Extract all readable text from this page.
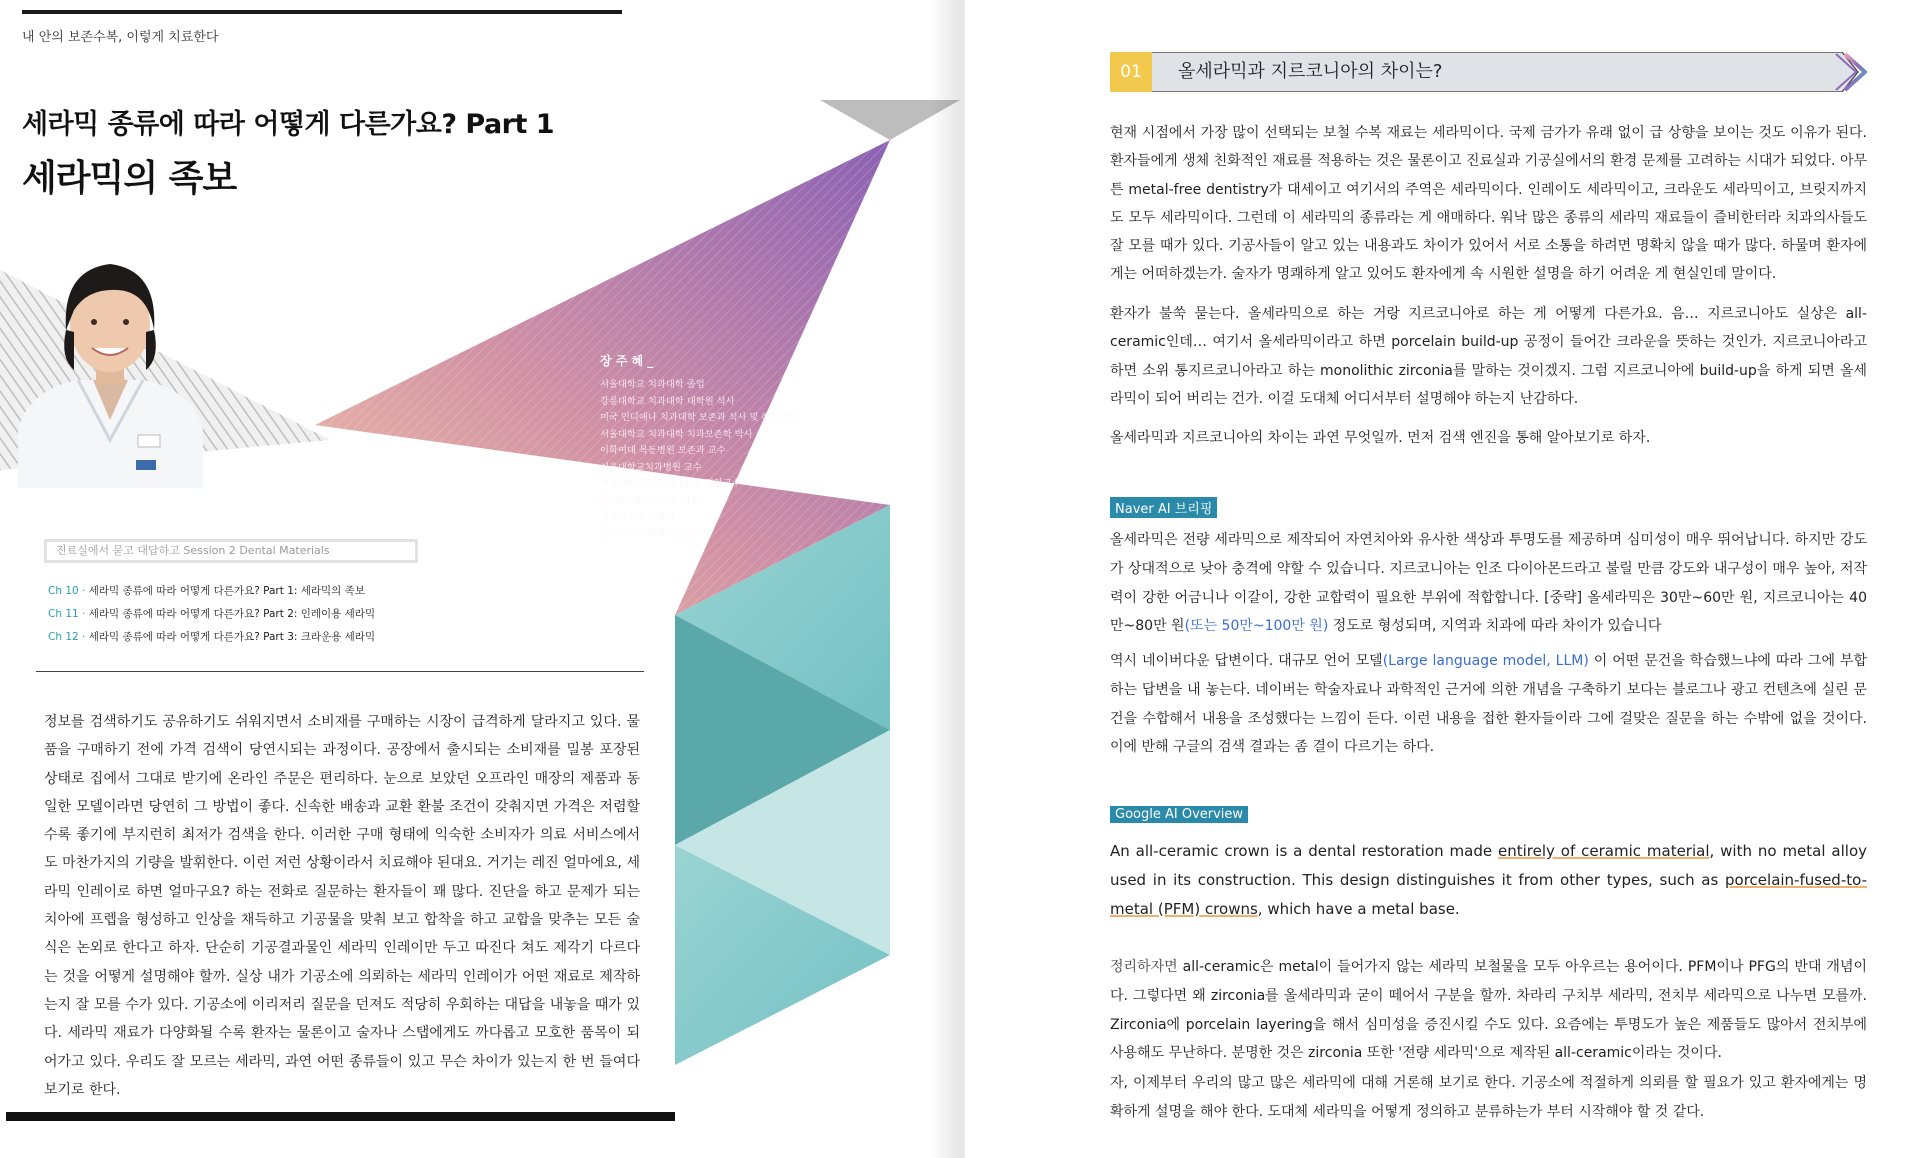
내 안의 보존수복, 이렇게 치료한다
세라믹 종류에 따라 어떻게 다른가요? Part 1
세라믹의 족보
장 주 혜 _
서울대학교 치과대학 졸업
강릉대학교 치과대학 대학원 석사
미국 인디애나 치과대학 보존과 석사 및 레지던트
서울대학교 치과대학 치과보존학 박사
이화여대 목동병원 보존과 교수
서울대학교치과병원 교수
서울대학교 치의학대학원 겸임교수
현) 장주혜치과의원 원장
치과보존과 전문의
미국 보존수복학 전문의
진료실에서 묻고 대답하고 Session 2 Dental Materials
Ch 10 · 세라믹 종류에 따라 어떻게 다른가요? Part 1: 세라믹의 족보
Ch 11 · 세라믹 종류에 따라 어떻게 다른가요? Part 2: 인레이용 세라믹
Ch 12 · 세라믹 종류에 따라 어떻게 다른가요? Part 3: 크라운용 세라믹

정보를 검색하기도 공유하기도 쉬워지면서 소비재를 구매하는 시장이 급격하게 달라지고 있다. 물품을 구매하기 전에 가격 검색이 당연시되는 과정이다. 공장에서 출시되는 소비재를 밀봉 포장된 상태로 집에서 그대로 받기에 온라인 주문은 편리하다. 눈으로 보았던 오프라인 매장의 제품과 동일한 모델이라면 당연히 그 방법이 좋다. 신속한 배송과 교환 환불 조건이 갖춰지면 가격은 저렴할수록 좋기에 부지런히 최저가 검색을 한다. 이러한 구매 형태에 익숙한 소비자가 의료 서비스에서도 마찬가지의 기량을 발휘한다. 이런 저런 상황이라서 치료해야 된대요. 거기는 레진 얼마에요, 세라믹 인레이로 하면 얼마구요? 하는 전화로 질문하는 환자들이 꽤 많다. 진단을 하고 문제가 되는 치아에 프렙을 형성하고 인상을 채득하고 기공물을 맞춰 보고 합착을 하고 교합을 맞추는 모든 술식은 논외로 한다고 하자. 단순히 기공결과물인 세라믹 인레이만 두고 따진다 쳐도 제각기 다르다는 것을 어떻게 설명해야 할까. 실상 내가 기공소에 의뢰하는 세라믹 인레이가 어떤 재료로 제작하는지 잘 모를 수가 있다. 기공소에 이리저리 질문을 던져도 적당히 우회하는 대답을 내놓을 때가 있다. 세라믹 재료가 다양화될 수록 환자는 물론이고 술자나 스탭에게도 까다롭고 모호한 품목이 되어가고 있다. 우리도 잘 모르는 세라믹, 과연 어떤 종류들이 있고 무슨 차이가 있는지 한 번 들여다보기로 한다.

01	올세라믹과 지르코니아의 차이는?

현재 시점에서 가장 많이 선택되는 보철 수복 재료는 세라믹이다. 국제 금가가 유래 없이 급 상향을 보이는 것도 이유가 된다. 환자들에게 생체 친화적인 재료를 적용하는 것은 물론이고 진료실과 기공실에서의 환경 문제를 고려하는 시대가 되었다. 아무튼 metal-free dentistry가 대세이고 여기서의 주역은 세라믹이다. 인레이도 세라믹이고, 크라운도 세라믹이고, 브릿지까지도 모두 세라믹이다. 그런데 이 세라믹의 종류라는 게 애매하다. 워낙 많은 종류의 세라믹 재료들이 즐비한터라 치과의사들도 잘 모를 때가 있다. 기공사들이 알고 있는 내용과도 차이가 있어서 서로 소통을 하려면 명확치 않을 때가 많다. 하물며 환자에게는 어떠하겠는가. 술자가 명쾌하게 알고 있어도 환자에게 속 시원한 설명을 하기 어려운 게 현실인데 말이다.

환자가 불쑥 묻는다. 올세라믹으로 하는 거랑 지르코니아로 하는 게 어떻게 다른가요. 음… 지르코니아도 실상은 all-ceramic인데… 여기서 올세라믹이라고 하면 porcelain build-up 공정이 들어간 크라운을 뜻하는 것인가. 지르코니아라고 하면 소위 통지르코니아라고 하는 monolithic zirconia를 말하는 것이겠지. 그럼 지르코니아에 build-up을 하게 되면 올세라믹이 되어 버리는 건가. 이걸 도대체 어디서부터 설명해야 하는지 난감하다.

올세라믹과 지르코니아의 차이는 과연 무엇일까. 먼저 검색 엔진을 통해 알아보기로 하자.

Naver AI 브리핑

올세라믹은 전량 세라믹으로 제작되어 자연치아와 유사한 색상과 투명도를 제공하며 심미성이 매우 뛰어납니다. 하지만 강도가 상대적으로 낮아 충격에 약할 수 있습니다. 지르코니아는 인조 다이아몬드라고 불릴 만큼 강도와 내구성이 매우 높아, 저작력이 강한 어금니나 이갈이, 강한 교합력이 필요한 부위에 적합합니다. [중략] 올세라믹은 30만~60만 원, 지르코니아는 40만~80만 원(또는 50만~100만 원) 정도로 형성되며, 지역과 치과에 따라 차이가 있습니다

역시 네이버다운 답변이다. 대규모 언어 모델(Large language model, LLM) 이 어떤 문건을 학습했느냐에 따라 그에 부합하는 답변을 내 놓는다. 네이버는 학술자료나 과학적인 근거에 의한 개념을 구축하기 보다는 블로그나 광고 컨텐츠에 실린 문건을 수합해서 내용을 조성했다는 느낌이 든다. 이런 내용을 접한 환자들이라 그에 걸맞은 질문을 하는 수밖에 없을 것이다. 이에 반해 구글의 검색 결과는 좀 결이 다르기는 하다.

Google AI Overview

An all-ceramic crown is a dental restoration made entirely of ceramic material, with no metal alloy used in its construction. This design distinguishes it from other types, such as porcelain-fused-to-metal (PFM) crowns, which have a metal base.

정리하자면 all-ceramic은 metal이 들어가지 않는 세라믹 보철물을 모두 아우르는 용어이다. PFM이나 PFG의 반대 개념이다. 그렇다면 왜 zirconia를 올세라믹과 굳이 떼어서 구분을 할까. 차라리 구치부 세라믹, 전치부 세라믹으로 나누면 모를까. Zirconia에 porcelain layering을 해서 심미성을 증진시킬 수도 있다. 요즘에는 투명도가 높은 제품들도 많아서 전치부에 사용해도 무난하다. 분명한 것은 zirconia 또한 '전량 세라믹'으로 제작된 all-ceramic이라는 것이다.

자, 이제부터 우리의 많고 많은 세라믹에 대해 거론해 보기로 한다. 기공소에 적절하게 의뢰를 할 필요가 있고 환자에게는 명확하게 설명을 해야 한다. 도대체 세라믹을 어떻게 정의하고 분류하는가 부터 시작해야 할 것 같다.
